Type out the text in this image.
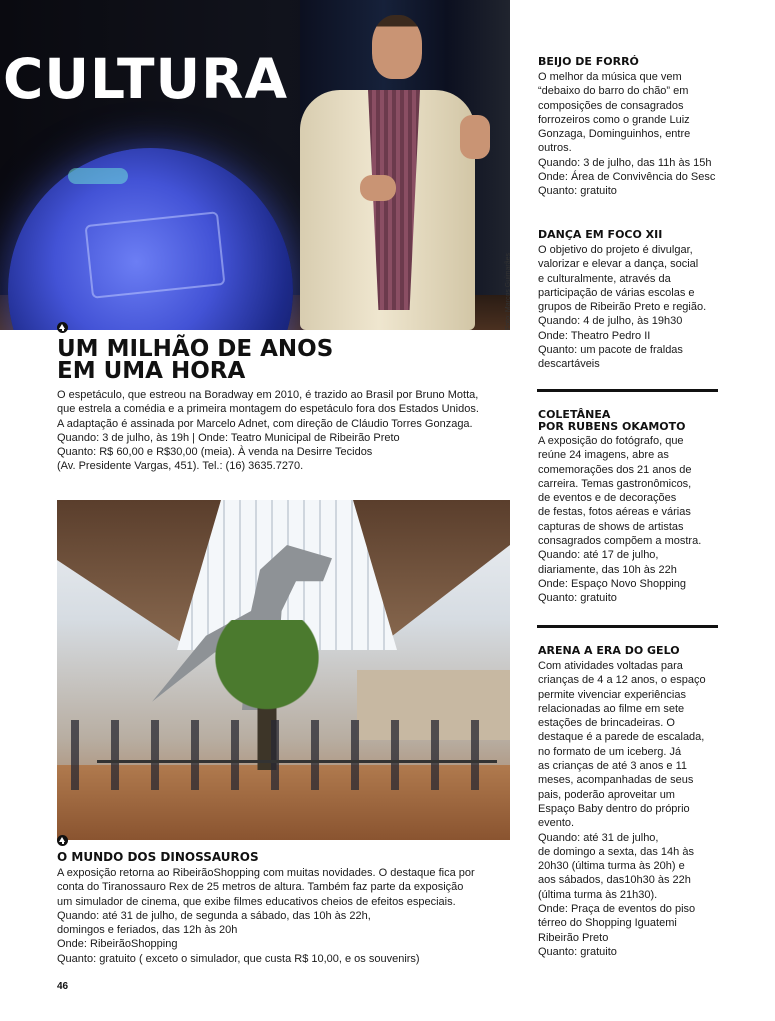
CULTURA
Foto: Marcos Guimarães
UM MILHÃO DE ANOS
EM UMA HORA
O espetáculo, que estreou na Boradway em 2010, é trazido ao Brasil por Bruno Motta,
que estrela a comédia e a primeira montagem do espetáculo fora dos Estados Unidos.
A adaptação é assinada por Marcelo Adnet, com direção de Cláudio Torres Gonzaga.
Quando: 3 de julho, às 19h | Onde: Teatro Municipal de Ribeirão Preto
Quanto: R$ 60,00 e R$30,00 (meia). À venda na Desirre Tecidos
(Av. Presidente Vargas, 451). Tel.: (16) 3635.7270.
O MUNDO DOS DINOSSAUROS
A exposição retorna ao RibeirãoShopping com muitas novidades. O destaque fica por
conta do Tiranossauro Rex de 25 metros de altura. Também faz parte da exposição
um simulador de cinema, que exibe filmes educativos cheios de efeitos especiais.
Quando: até 31 de julho, de segunda a sábado, das 10h às 22h,
domingos e feriados, das 12h às 20h
Onde: RibeirãoShopping
Quanto: gratuito ( exceto o simulador, que custa R$ 10,00, e os souvenirs)
BEIJO DE FORRÓ
O melhor da música que vem
“debaixo do barro do chão” em
composições de consagrados
forrozeiros como o grande Luiz
Gonzaga, Dominguinhos, entre
outros.
Quando: 3 de julho, das 11h às 15h
Onde: Área de Convivência do Sesc
Quanto: gratuito
DANÇA EM FOCO XII
O objetivo do projeto é divulgar,
valorizar e elevar a dança, social
e culturalmente, através da
participação de várias escolas e
grupos de Ribeirão Preto e região.
Quando: 4 de julho, às 19h30
Onde: Theatro Pedro II
Quanto: um pacote de fraldas
descartáveis
COLETÂNEA
POR RUBENS OKAMOTO
A exposição do fotógrafo, que
reúne 24 imagens, abre as
comemorações dos 21 anos de
carreira. Temas gastronômicos,
de eventos e de decorações
de festas, fotos aéreas e várias
capturas de shows de artistas
consagrados compõem a mostra.
Quando: até 17 de julho,
diariamente, das 10h às 22h
Onde: Espaço Novo Shopping
Quanto: gratuito
ARENA A ERA DO GELO
Com atividades voltadas para
crianças de 4 a 12 anos, o espaço
permite vivenciar experiências
relacionadas ao filme em sete
estações de brincadeiras. O
destaque é a parede de escalada,
no formato de um iceberg. Já
as crianças de até 3 anos e 11
meses, acompanhadas de seus
pais, poderão aproveitar um
Espaço Baby dentro do próprio
evento.
Quando: até 31 de julho,
de domingo a sexta, das 14h às
20h30 (última turma às 20h) e
aos sábados, das10h30 às 22h
(última turma às 21h30).
Onde: Praça de eventos do piso
térreo do Shopping Iguatemi
Ribeirão Preto
Quanto: gratuito
46
